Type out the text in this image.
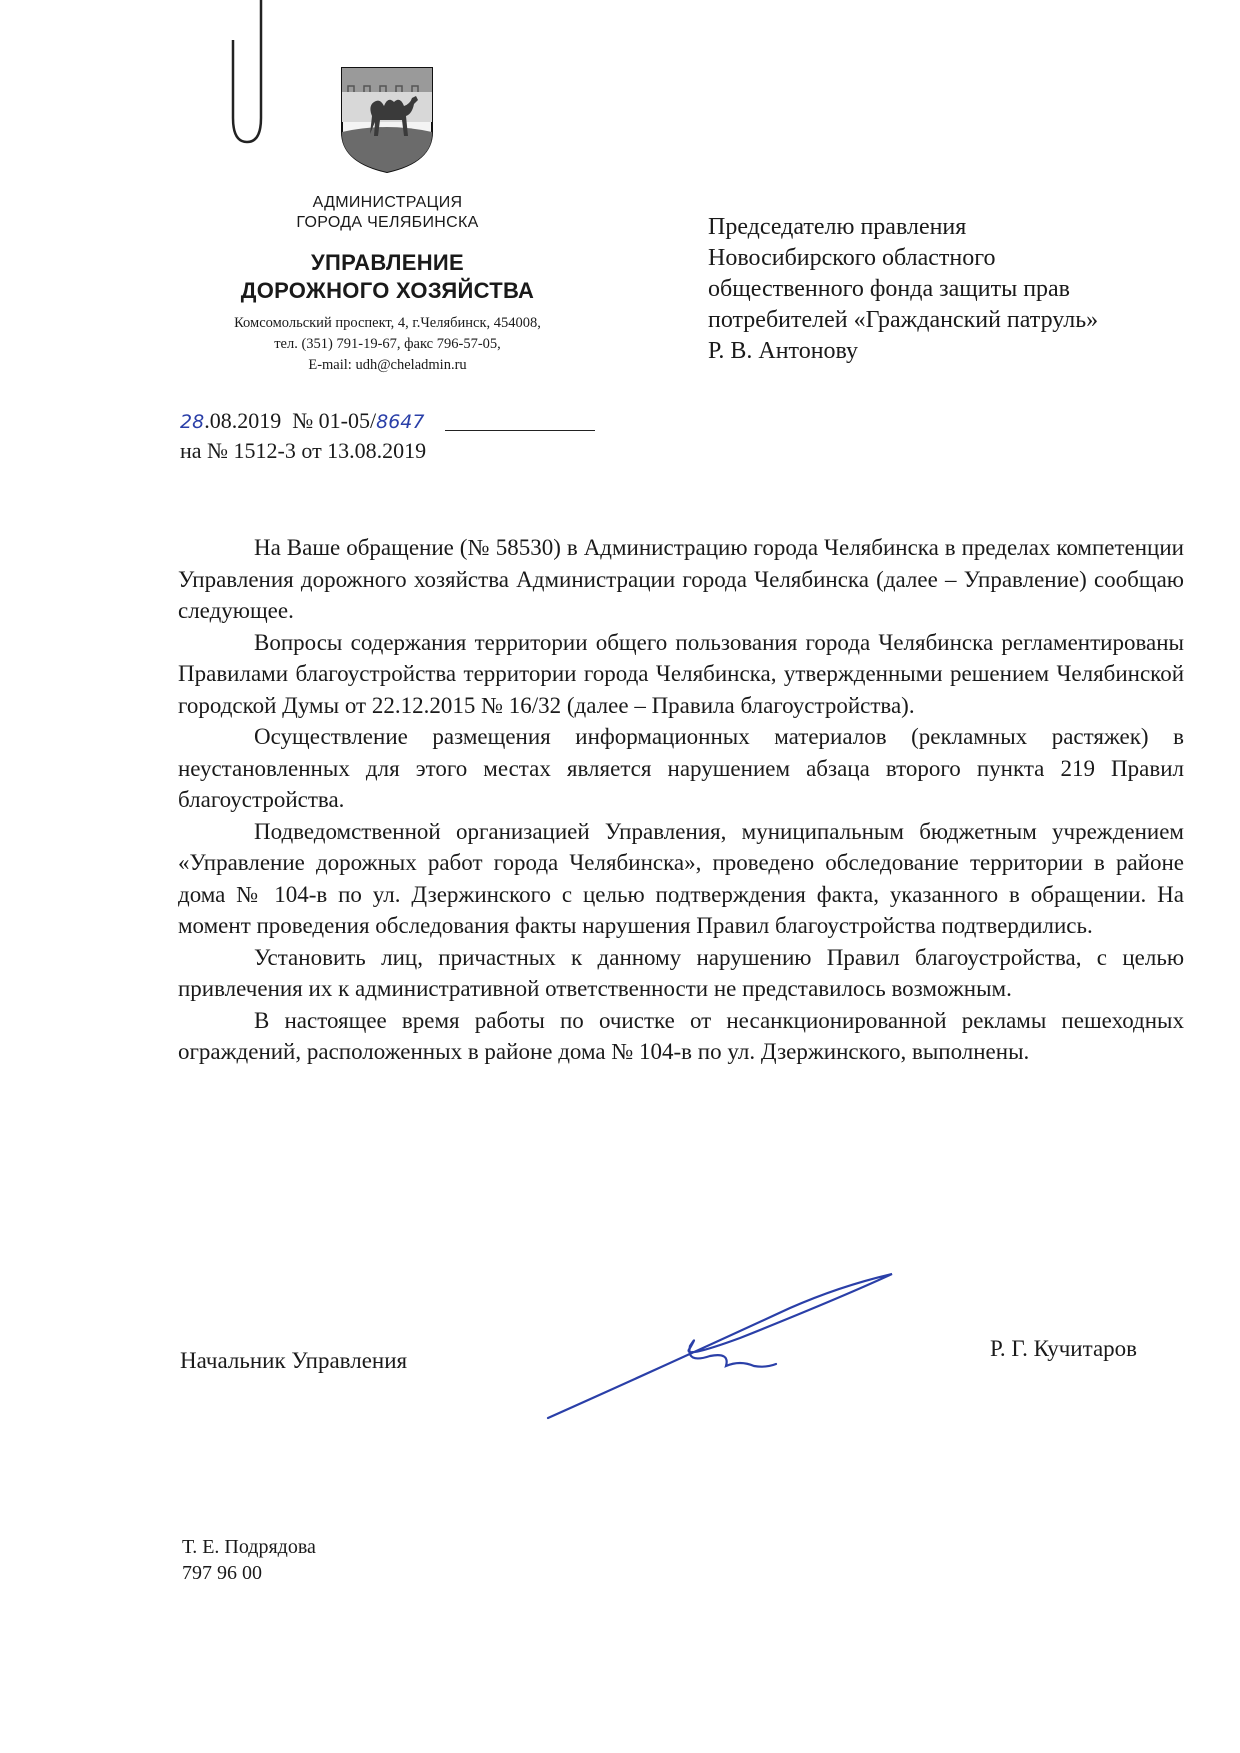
АДМИНИСТРАЦИЯ
ГОРОДА ЧЕЛЯБИНСКА
УПРАВЛЕНИЕ
ДОРОЖНОГО ХОЗЯЙСТВА
Комсомольский проспект, 4, г.Челябинск, 454008,
тел. (351) 791-19-67, факс 796-57-05,
E-mail: udh@cheladmin.ru
28.08.2019 № 01-05/8647
на № 1512-3 от 13.08.2019
Председателю правления
Новосибирского областного
общественного фонда защиты прав
потребителей «Гражданский патруль»
Р. В. Антонову

На Ваше обращение (№ 58530) в Администрацию города Челябинска в пределах компетенции Управления дорожного хозяйства Администрации города Челябинска (далее – Управление) сообщаю следующее.

Вопросы содержания территории общего пользования города Челябинска регламентированы Правилами благоустройства территории города Челябинска, утвержденными решением Челябинской городской Думы от 22.12.2015 № 16/32 (далее – Правила благоустройства).

Осуществление размещения информационных материалов (рекламных растяжек) в неустановленных для этого местах является нарушением абзаца второго пункта 219 Правил благоустройства.

Подведомственной организацией Управления, муниципальным бюджетным учреждением «Управление дорожных работ города Челябинска», проведено обследование территории в районе дома № 104-в по ул. Дзержинского с целью подтверждения факта, указанного в обращении. На момент проведения обследования факты нарушения Правил благоустройства подтвердились.

Установить лиц, причастных к данному нарушению Правил благоустройства, с целью привлечения их к административной ответственности не представилось возможным.

В настоящее время работы по очистке от несанкционированной рекламы пешеходных ограждений, расположенных в районе дома № 104-в по ул. Дзержинского, выполнены.

Начальник Управления	Р. Г. Кучитаров
Т. Е. Подрядова
797 96 00
